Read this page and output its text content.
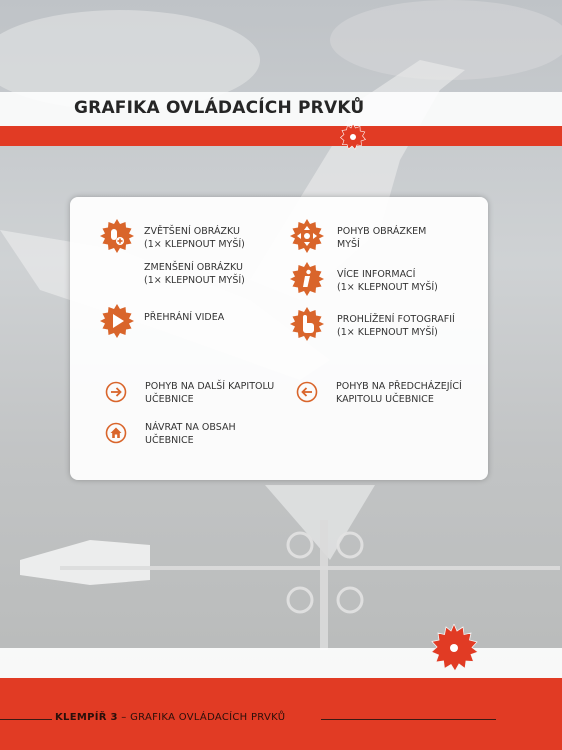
GRAFIKA OVLÁDACÍCH PRVKŮ
ZVĚTŠENÍ OBRÁZKU
(1× KLEPNOUT MYŠÍ)
ZMENŠENÍ OBRÁZKU
(1× KLEPNOUT MYŠÍ)
PŘEHRÁNÍ VIDEA
POHYB OBRÁZKEM
MYŠÍ
VÍCE INFORMACÍ
(1× KLEPNOUT MYŠÍ)
PROHLÍŽENÍ FOTOGRAFIÍ
(1× KLEPNOUT MYŠÍ)
POHYB NA DALŠÍ KAPITOLU
UČEBNICE
POHYB NA PŘEDCHÁZEJÍCÍ
KAPITOLU UČEBNICE
NÁVRAT NA OBSAH
UČEBNICE
KLEMPÍŘ 3 – GRAFIKA OVLÁDACÍCH PRVKŮ
